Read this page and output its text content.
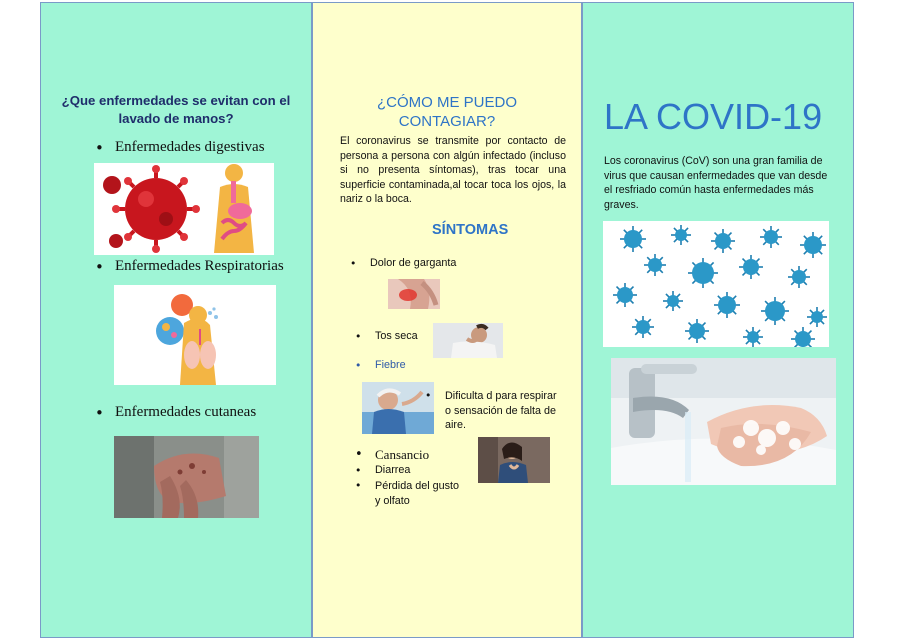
¿Que enfermedades se evitan con el lavado de manos?
• Enfermedades digestivas
• Enfermedades Respiratorias
• Enfermedades cutaneas
¿CÓMO ME PUEDO CONTAGIAR?
El coronavirus se transmite por contacto de persona a persona con algún infectado (incluso si no presenta síntomas), tras tocar una superficie contaminada,al tocar toca los ojos, la nariz o la boca.
SÍNTOMAS
• Dolor de garganta
• Tos seca
• Fiebre
• Dificulta d para respirar o sensación de falta de aire.
• Cansancio
• Diarrea
• Pérdida del gusto y olfato
LA COVID-19
Los coronavirus (CoV) son una gran familia de virus que causan enfermedades que van desde el resfriado común hasta enfermedades más graves.
